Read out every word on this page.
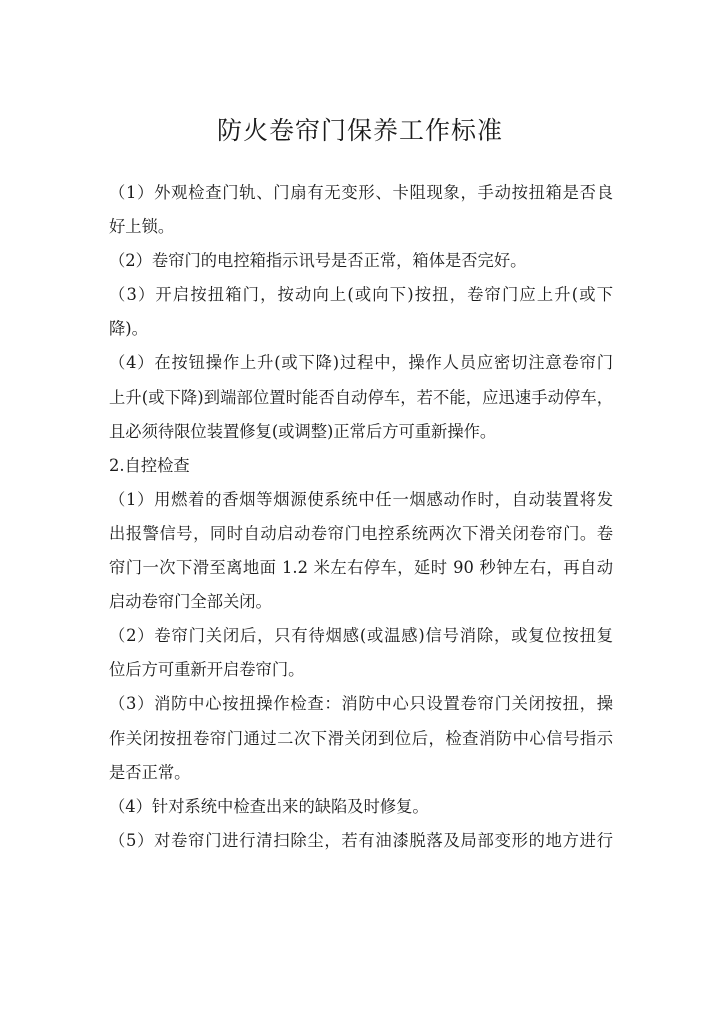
防火卷帘门保养工作标准
（1）外观检查门轨、门扇有无变形、卡阻现象，手动按扭箱是否良
好上锁。
（2）卷帘门的电控箱指示讯号是否正常，箱体是否完好。
（3）开启按扭箱门，按动向上(或向下)按扭，卷帘门应上升(或下
降)。
（4）在按钮操作上升(或下降)过程中，操作人员应密切注意卷帘门
上升(或下降)到端部位置时能否自动停车，若不能，应迅速手动停车，
且必须待限位装置修复(或调整)正常后方可重新操作。
2.自控检查
（1）用燃着的香烟等烟源使系统中任一烟感动作时，自动装置将发
出报警信号，同时自动启动卷帘门电控系统两次下滑关闭卷帘门。卷
帘门一次下滑至离地面 1.2 米左右停车，延时 90 秒钟左右，再自动
启动卷帘门全部关闭。
（2）卷帘门关闭后，只有待烟感(或温感)信号消除，或复位按扭复
位后方可重新开启卷帘门。
（3）消防中心按扭操作检查：消防中心只设置卷帘门关闭按扭，操
作关闭按扭卷帘门通过二次下滑关闭到位后，检查消防中心信号指示
是否正常。
（4）针对系统中检查出来的缺陷及时修复。
（5）对卷帘门进行清扫除尘，若有油漆脱落及局部变形的地方进行
